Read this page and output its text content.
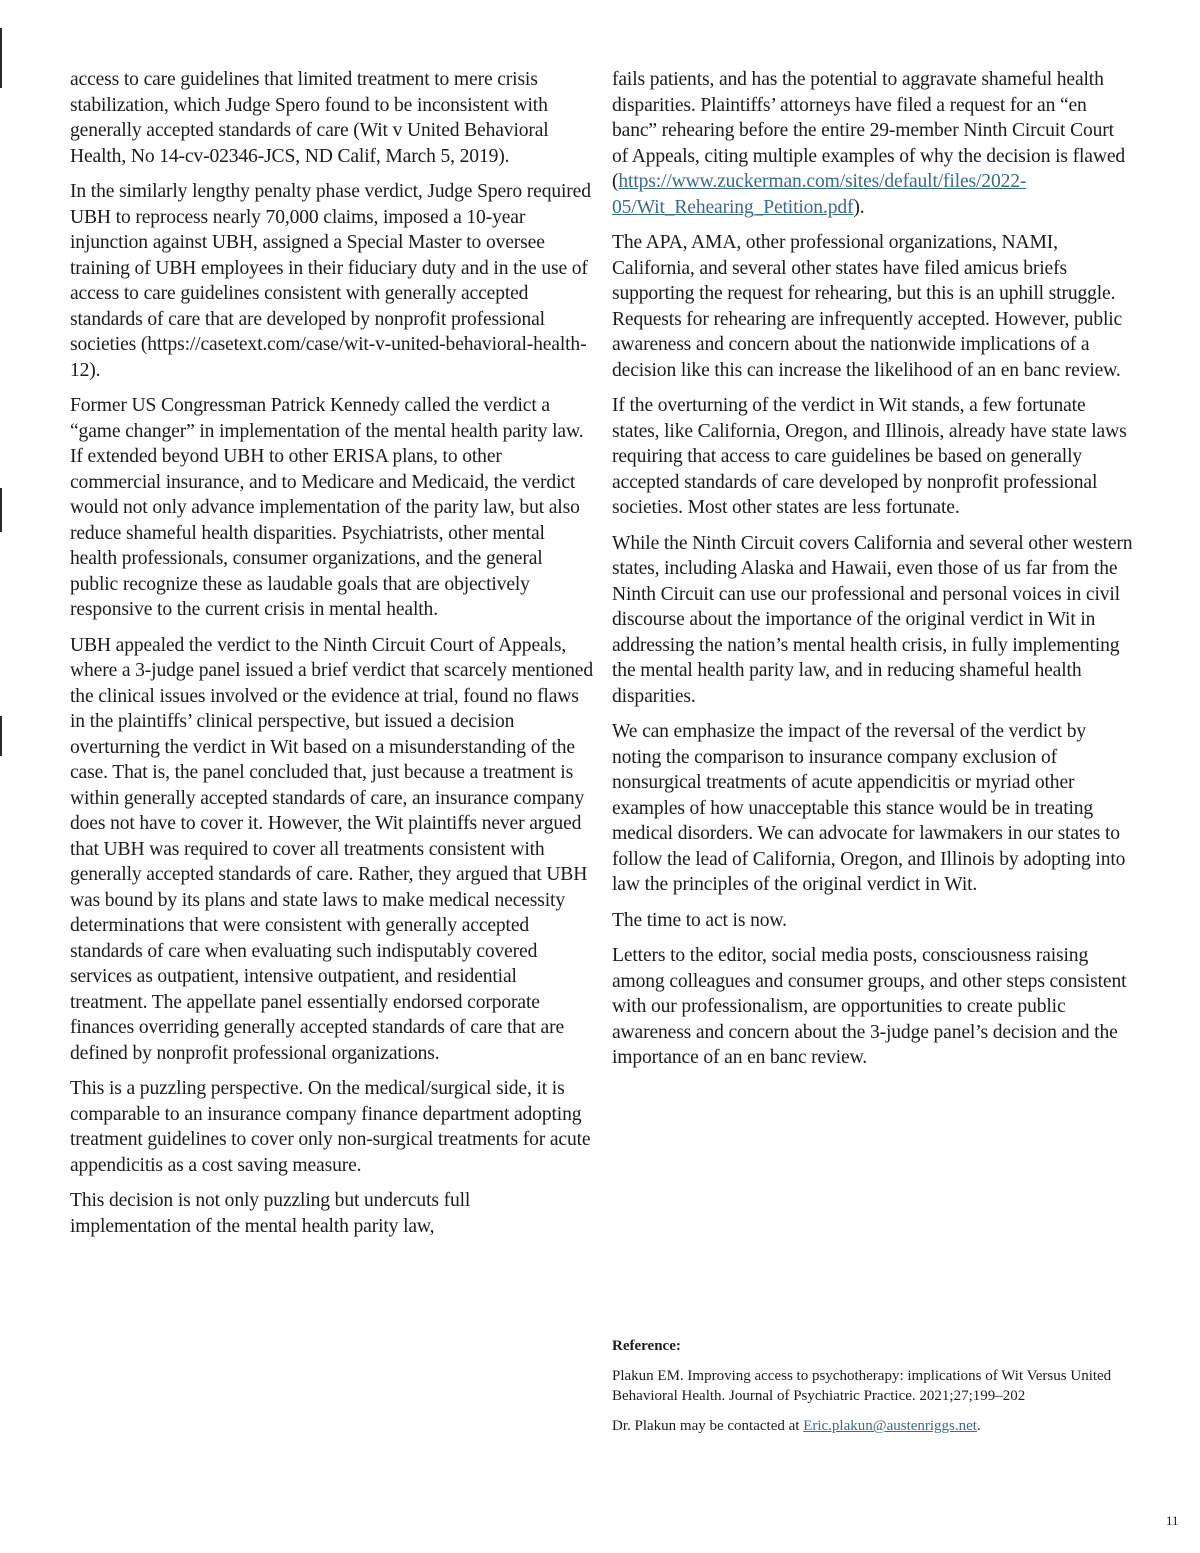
access to care guidelines that limited treatment to mere crisis stabilization, which Judge Spero found to be inconsistent with generally accepted standards of care (Wit v United Behavioral Health, No 14-cv-02346-JCS, ND Calif, March 5, 2019).

In the similarly lengthy penalty phase verdict, Judge Spero required UBH to reprocess nearly 70,000 claims, imposed a 10-year injunction against UBH, assigned a Special Master to oversee training of UBH employees in their fiduciary duty and in the use of access to care guidelines consistent with generally accepted standards of care that are developed by nonprofit professional societies (https://casetext.com/case/wit-v-united-behavioral-health-12).

Former US Congressman Patrick Kennedy called the verdict a “game changer” in implementation of the mental health parity law. If extended beyond UBH to other ERISA plans, to other commercial insurance, and to Medicare and Medicaid, the verdict would not only advance implementation of the parity law, but also reduce shameful health disparities. Psychiatrists, other mental health professionals, consumer organizations, and the general public recognize these as laudable goals that are objectively responsive to the current crisis in mental health.

UBH appealed the verdict to the Ninth Circuit Court of Appeals, where a 3-judge panel issued a brief verdict that scarcely mentioned the clinical issues involved or the evidence at trial, found no flaws in the plaintiffs’ clinical perspective, but issued a decision overturning the verdict in Wit based on a misunderstanding of the case. That is, the panel concluded that, just because a treatment is within generally accepted standards of care, an insurance company does not have to cover it. However, the Wit plaintiffs never argued that UBH was required to cover all treatments consistent with generally accepted standards of care. Rather, they argued that UBH was bound by its plans and state laws to make medical necessity determinations that were consistent with generally accepted standards of care when evaluating such indisputably covered services as outpatient, intensive outpatient, and residential treatment. The appellate panel essentially endorsed corporate finances overriding generally accepted standards of care that are defined by nonprofit professional organizations.

This is a puzzling perspective. On the medical/surgical side, it is comparable to an insurance company finance department adopting treatment guidelines to cover only non-surgical treatments for acute appendicitis as a cost saving measure.

This decision is not only puzzling but undercuts full implementation of the mental health parity law,

fails patients, and has the potential to aggravate shameful health disparities. Plaintiffs’ attorneys have filed a request for an “en banc” rehearing before the entire 29-member Ninth Circuit Court of Appeals, citing multiple examples of why the decision is flawed (https://www.zuckerman.com/sites/default/files/2022-05/Wit_Rehearing_Petition.pdf).

The APA, AMA, other professional organizations, NAMI, California, and several other states have filed amicus briefs supporting the request for rehearing, but this is an uphill struggle. Requests for rehearing are infrequently accepted. However, public awareness and concern about the nationwide implications of a decision like this can increase the likelihood of an en banc review.

If the overturning of the verdict in Wit stands, a few fortunate states, like California, Oregon, and Illinois, already have state laws requiring that access to care guidelines be based on generally accepted standards of care developed by nonprofit professional societies. Most other states are less fortunate.

While the Ninth Circuit covers California and several other western states, including Alaska and Hawaii, even those of us far from the Ninth Circuit can use our professional and personal voices in civil discourse about the importance of the original verdict in Wit in addressing the nation’s mental health crisis, in fully implementing the mental health parity law, and in reducing shameful health disparities.

We can emphasize the impact of the reversal of the verdict by noting the comparison to insurance company exclusion of nonsurgical treatments of acute appendicitis or myriad other examples of how unacceptable this stance would be in treating medical disorders. We can advocate for lawmakers in our states to follow the lead of California, Oregon, and Illinois by adopting into law the principles of the original verdict in Wit.

The time to act is now.

Letters to the editor, social media posts, consciousness raising among colleagues and consumer groups, and other steps consistent with our professionalism, are opportunities to create public awareness and concern about the 3-judge panel’s decision and the importance of an en banc review.

Reference:

Plakun EM. Improving access to psychotherapy: implications of Wit Versus United Behavioral Health. Journal of Psychiatric Practice. 2021;27;199–202

Dr. Plakun may be contacted at Eric.plakun@austenriggs.net.

11
